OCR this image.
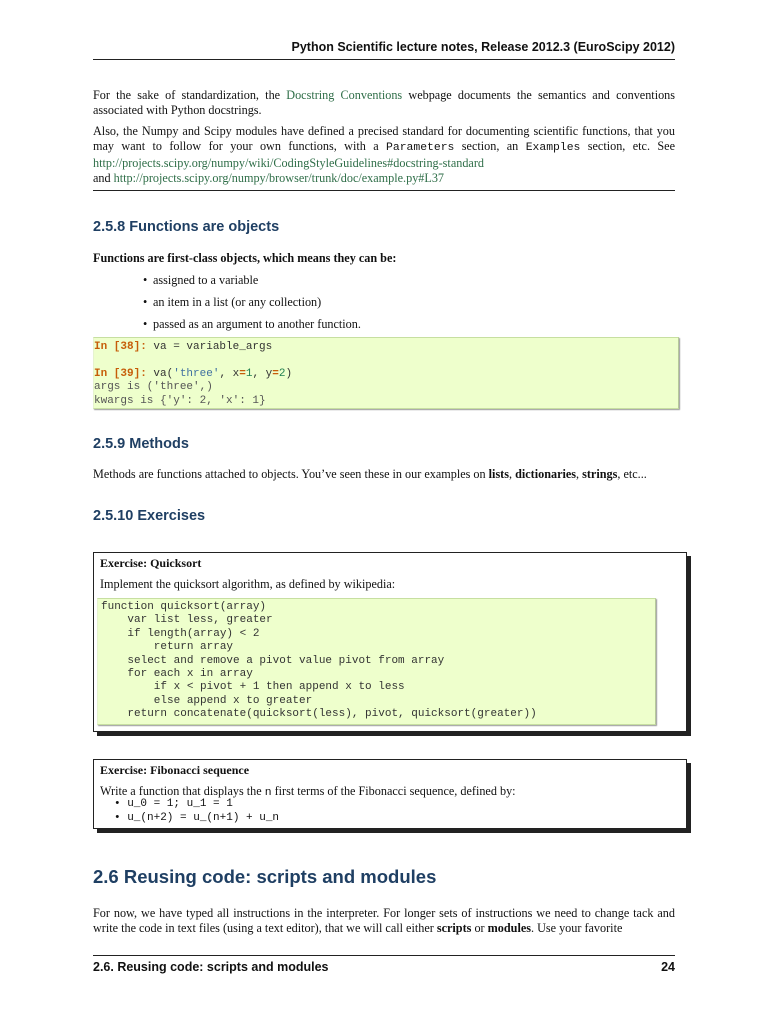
Python Scientific lecture notes, Release 2012.3 (EuroScipy 2012)

For the sake of standardization, the Docstring Conventions webpage documents the semantics and conventions associated with Python docstrings.

Also, the Numpy and Scipy modules have defined a precised standard for documenting scientific functions, that you may want to follow for your own functions, with a Parameters section, an Examples section, etc. See http://projects.scipy.org/numpy/wiki/CodingStyleGuidelines#docstring-standard
and http://projects.scipy.org/numpy/browser/trunk/doc/example.py#L37

2.5.8 Functions are objects

Functions are first-class objects, which means they can be:

• assigned to a variable
• an item in a list (or any collection)
• passed as an argument to another function.
In [38]: va = variable_args

In [39]: va('three', x=1, y=2)
args is ('three',)
kwargs is {'y': 2, 'x': 1}
2.5.9 Methods

Methods are functions attached to objects. You’ve seen these in our examples on lists, dictionaries, strings, etc...

2.5.10 Exercises
Exercise: Quicksort
Implement the quicksort algorithm, as defined by wikipedia:
function quicksort(array)
var list less, greater
if length(array) < 2
return array
select and remove a pivot value pivot from array
for each x in array
if x < pivot + 1 then append x to less
else append x to greater
return concatenate(quicksort(less), pivot, quicksort(greater))
Exercise: Fibonacci sequence
Write a function that displays the n first terms of the Fibonacci sequence, defined by:
• u_0 = 1; u_1 = 1
• u_(n+2) = u_(n+1) + u_n
2.6 Reusing code: scripts and modules

For now, we have typed all instructions in the interpreter. For longer sets of instructions we need to change tack and write the code in text files (using a text editor), that we will call either scripts or modules. Use your favorite

2.6. Reusing code: scripts and modules	24
